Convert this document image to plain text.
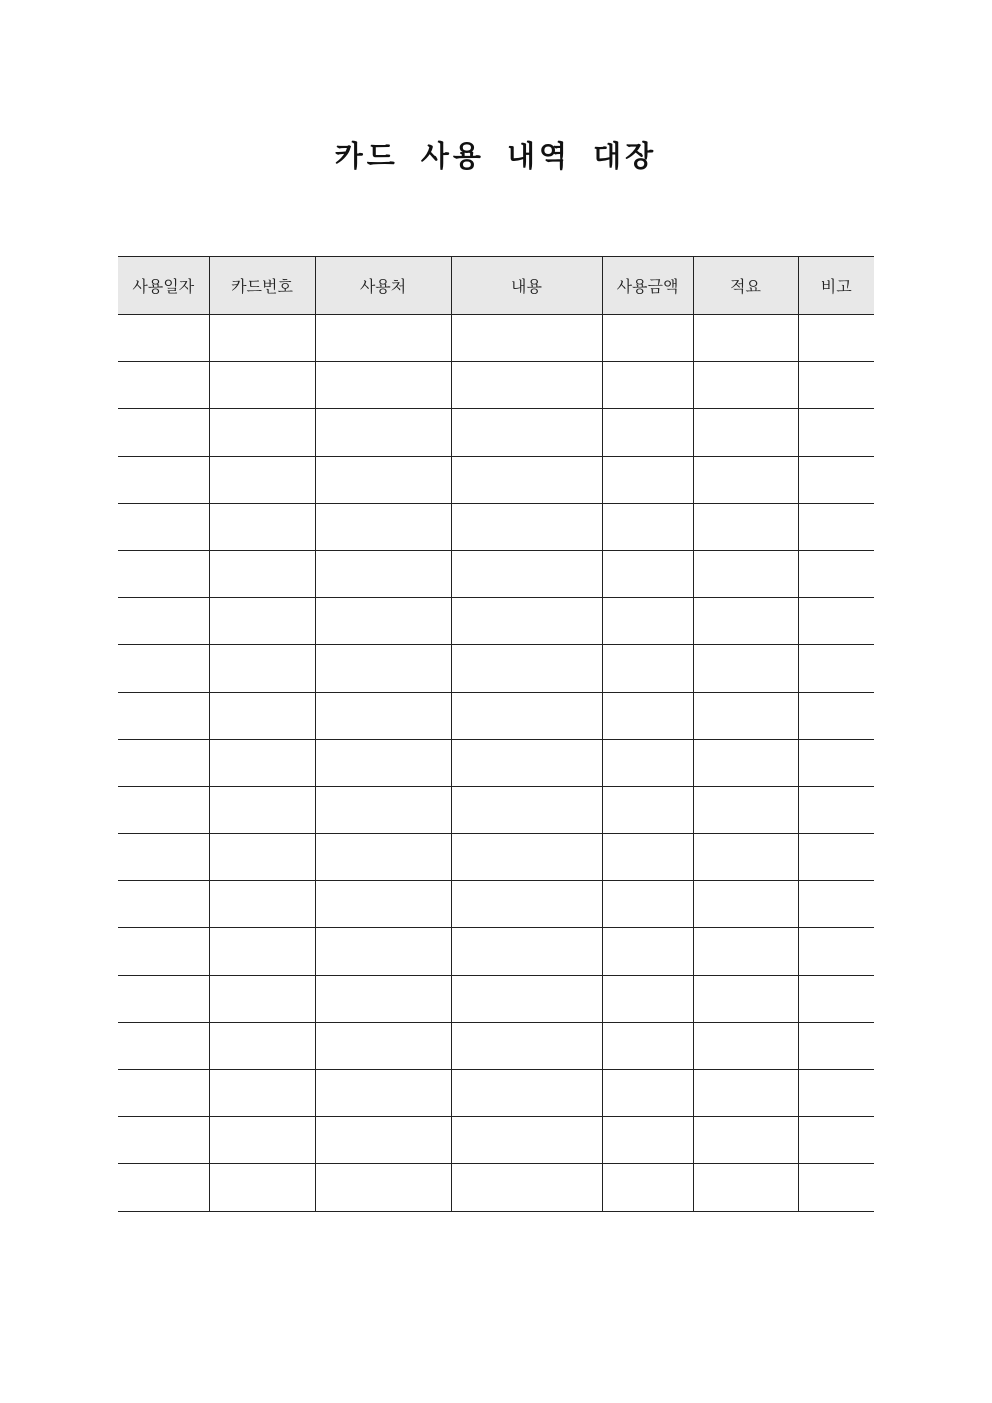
카드 사용 내역 대장
사용일자	카드번호	사용처	내용	사용금액	적요	비고
